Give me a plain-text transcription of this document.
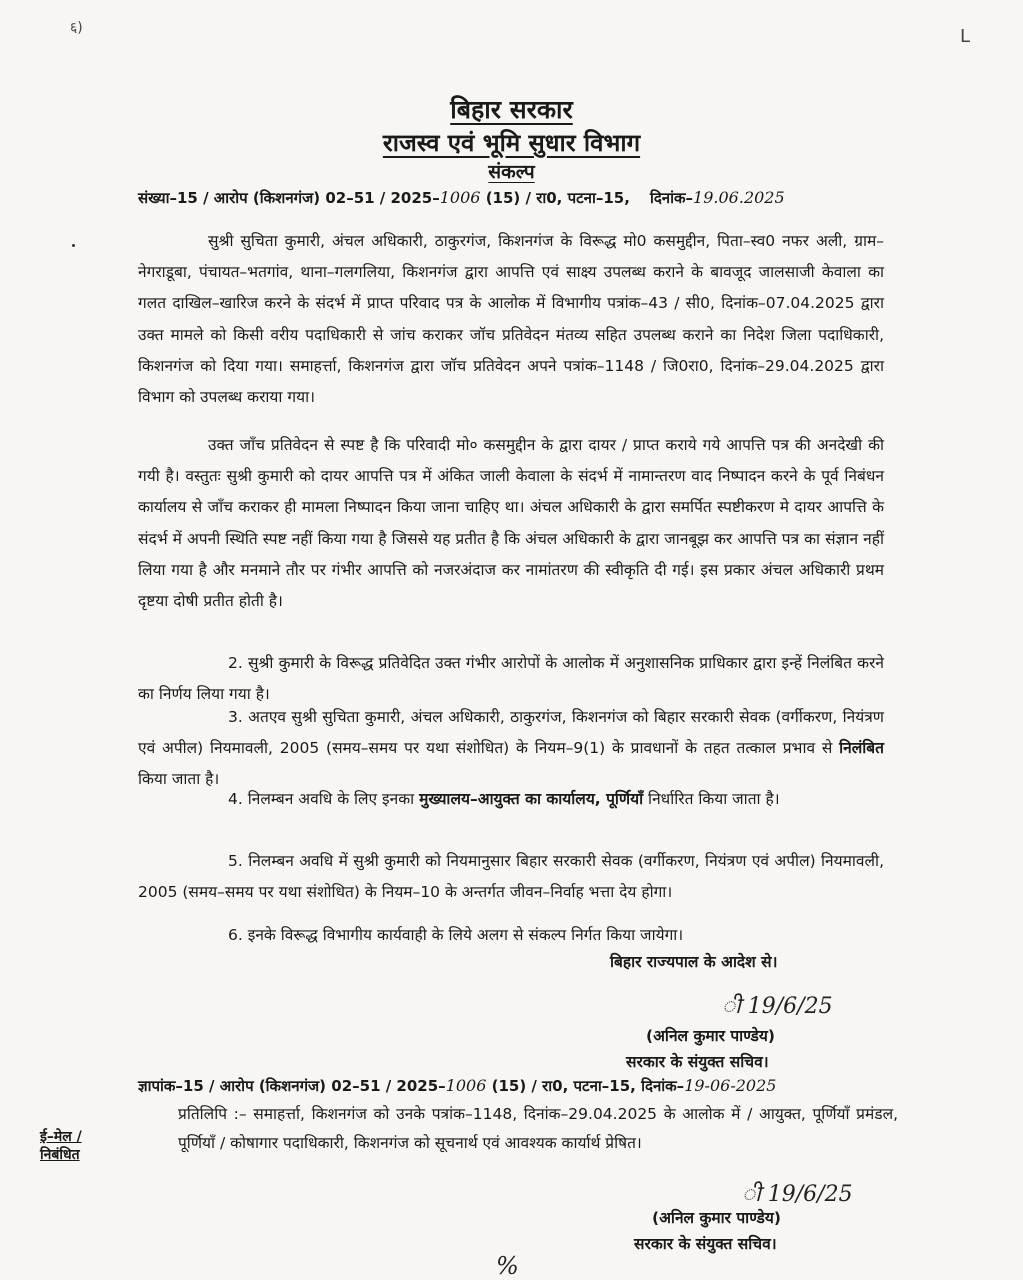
६)	L
बिहार सरकार
राजस्व एवं भूमि सुधार विभाग
संकल्प
संख्या–15 / आरोप (किशनगंज) 02–51 / 2025–1006 (15) / रा0, पटना–15, दिनांक–19.06.2025

सुश्री सुचिता कुमारी, अंचल अधिकारी, ठाकुरगंज, किशनगंज के विरूद्ध मो0 कसमुद्दीन, पिता–स्व0 नफर अली, ग्राम–नेगराडूबा, पंचायत–भतगांव, थाना–गलगलिया, किशनगंज द्वारा आपत्ति एवं साक्ष्य उपलब्ध कराने के बावजूद जालसाजी केवाला का गलत दाखिल–खारिज करने के संदर्भ में प्राप्त परिवाद पत्र के आलोक में विभागीय पत्रांक–43 / सी0, दिनांक–07.04.2025 द्वारा उक्त मामले को किसी वरीय पदाधिकारी से जांच कराकर जॉच प्रतिवेदन मंतव्य सहित उपलब्ध कराने का निदेश जिला पदाधिकारी, किशनगंज को दिया गया। समाहर्त्ता, किशनगंज द्वारा जॉच प्रतिवेदन अपने पत्रांक–1148 / जि0रा0, दिनांक–29.04.2025 द्वारा विभाग को उपलब्ध कराया गया।

उक्त जाँच प्रतिवेदन से स्पष्ट है कि परिवादी मो० कसमुद्दीन के द्वारा दायर / प्राप्त कराये गये आपत्ति पत्र की अनदेखी की गयी है। वस्तुतः सुश्री कुमारी को दायर आपत्ति पत्र में अंकित जाली केवाला के संदर्भ में नामान्तरण वाद निष्पादन करने के पूर्व निबंधन कार्यालय से जाँच कराकर ही मामला निष्पादन किया जाना चाहिए था। अंचल अधिकारी के द्वारा समर्पित स्पष्टीकरण मे दायर आपत्ति के संदर्भ में अपनी स्थिति स्पष्ट नहीं किया गया है जिससे यह प्रतीत है कि अंचल अधिकारी के द्वारा जानबूझ कर आपत्ति पत्र का संज्ञान नहीं लिया गया है और मनमाने तौर पर गंभीर आपत्ति को नजरअंदाज कर नामांतरण की स्वीकृति दी गई। इस प्रकार अंचल अधिकारी प्रथम दृष्टया दोषी प्रतीत होती है।

2. सुश्री कुमारी के विरूद्ध प्रतिवेदित उक्त गंभीर आरोपों के आलोक में अनुशासनिक प्राधिकार द्वारा इन्हें निलंबित करने का निर्णय लिया गया है।

3. अतएव सुश्री सुचिता कुमारी, अंचल अधिकारी, ठाकुरगंज, किशनगंज को बिहार सरकारी सेवक (वर्गीकरण, नियंत्रण एवं अपील) नियमावली, 2005 (समय–समय पर यथा संशोधित) के नियम–9(1) के प्रावधानों के तहत तत्काल प्रभाव से निलंबित किया जाता है।

4. निलम्बन अवधि के लिए इनका मुख्यालय–आयुक्त का कार्यालय, पूर्णियाँ निर्धारित किया जाता है।

5. निलम्बन अवधि में सुश्री कुमारी को नियमानुसार बिहार सरकारी सेवक (वर्गीकरण, नियंत्रण एवं अपील) नियमावली, 2005 (समय–समय पर यथा संशोधित) के नियम–10 के अन्तर्गत जीवन–निर्वाह भत्ता देय होगा।

6. इनके विरूद्ध विभागीय कार्यवाही के लिये अलग से संकल्प निर्गत किया जायेगा।

बिहार राज्यपाल के आदेश से।
ी 19/6/25
(अनिल कुमार पाण्डेय)
सरकार के संयुक्त सचिव।
ज्ञापांक–15 / आरोप (किशनगंज) 02–51 / 2025–1006 (15) / रा0, पटना–15, दिनांक–19-06-2025

प्रतिलिपि :– समाहर्त्ता, किशनगंज को उनके पत्रांक–1148, दिनांक–29.04.2025 के आलोक में / आयुक्त, पूर्णियाँ प्रमंडल, पूर्णियाँ / कोषागार पदाधिकारी, किशनगंज को सूचनार्थ एवं आवश्यक कार्यार्थ प्रेषित।

ई–मेल /
निबंधित
ी 19/6/25
(अनिल कुमार पाण्डेय)
सरकार के संयुक्त सचिव।
%
